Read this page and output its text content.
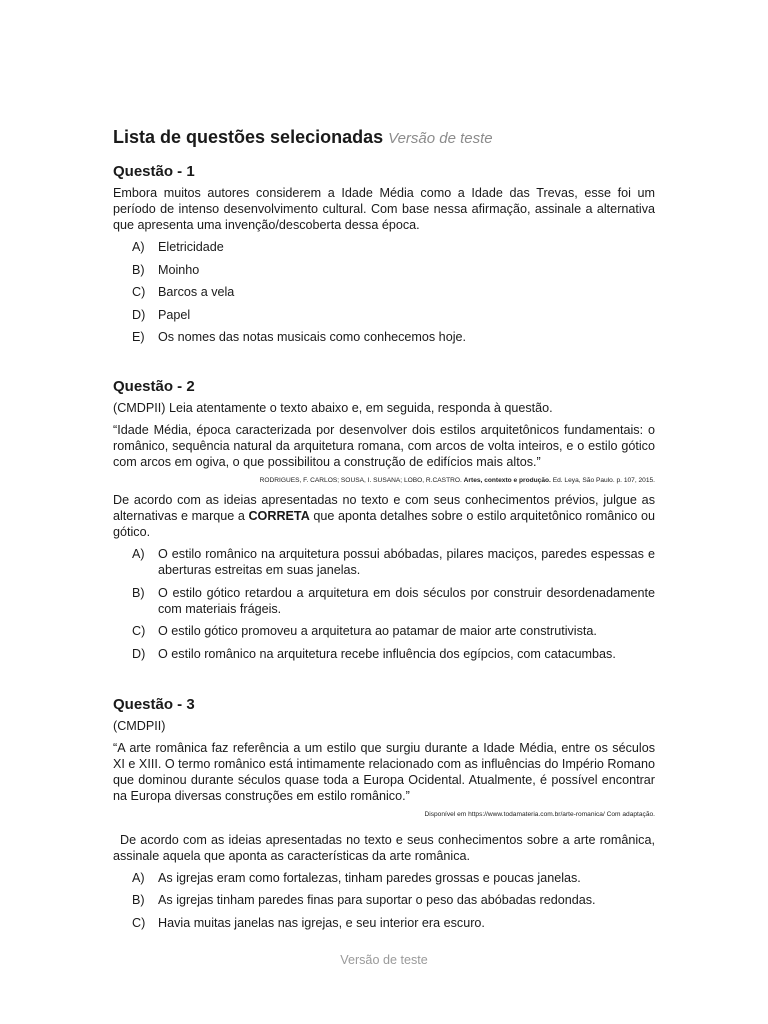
Lista de questões selecionadas Versão de teste
Questão - 1

Embora muitos autores considerem a Idade Média como a Idade das Trevas, esse foi um período de intenso desenvolvimento cultural. Com base nessa afirmação, assinale a alternativa que apresenta uma invenção/descoberta dessa época.

A)	Eletricidade
B)	Moinho
C)	Barcos a vela
D)	Papel
E)	Os nomes das notas musicais como conhecemos hoje.
Questão - 2

(CMDPII) Leia atentamente o texto abaixo e, em seguida, responda à questão.

“Idade Média, época caracterizada por desenvolver dois estilos arquitetônicos fundamentais: o românico, sequência natural da arquitetura romana, com arcos de volta inteiros, e o estilo gótico com arcos em ogiva, o que possibilitou a construção de edifícios mais altos.”

RODRIGUES, F. CARLOS; SOUSA, I. SUSANA; LOBO, R.CASTRO. Artes, contexto e produção. Ed. Leya, São Paulo. p. 107, 2015.

De acordo com as ideias apresentadas no texto e com seus conhecimentos prévios, julgue as alternativas e marque a CORRETA que aponta detalhes sobre o estilo arquitetônico românico ou gótico.

A)	O estilo românico na arquitetura possui abóbadas, pilares maciços, paredes espessas e aberturas estreitas em suas janelas.
B)	O estilo gótico retardou a arquitetura em dois séculos por construir desordenadamente com materiais frágeis.
C)	O estilo gótico promoveu a arquitetura ao patamar de maior arte construtivista.
D)	O estilo românico na arquitetura recebe influência dos egípcios, com catacumbas.
Questão - 3

(CMDPII)

“A arte românica faz referência a um estilo que surgiu durante a Idade Média, entre os séculos XI e XIII. O termo românico está intimamente relacionado com as influências do Império Romano que dominou durante séculos quase toda a Europa Ocidental. Atualmente, é possível encontrar na Europa diversas construções em estilo românico.”

Disponível em https://www.todamateria.com.br/arte-romanica/ Com adaptação.

De acordo com as ideias apresentadas no texto e seus conhecimentos sobre a arte românica, assinale aquela que aponta as características da arte românica.

A)	As igrejas eram como fortalezas, tinham paredes grossas e poucas janelas.
B)	As igrejas tinham paredes finas para suportar o peso das abóbadas redondas.
C)	Havia muitas janelas nas igrejas, e seu interior era escuro.
Versão de teste
